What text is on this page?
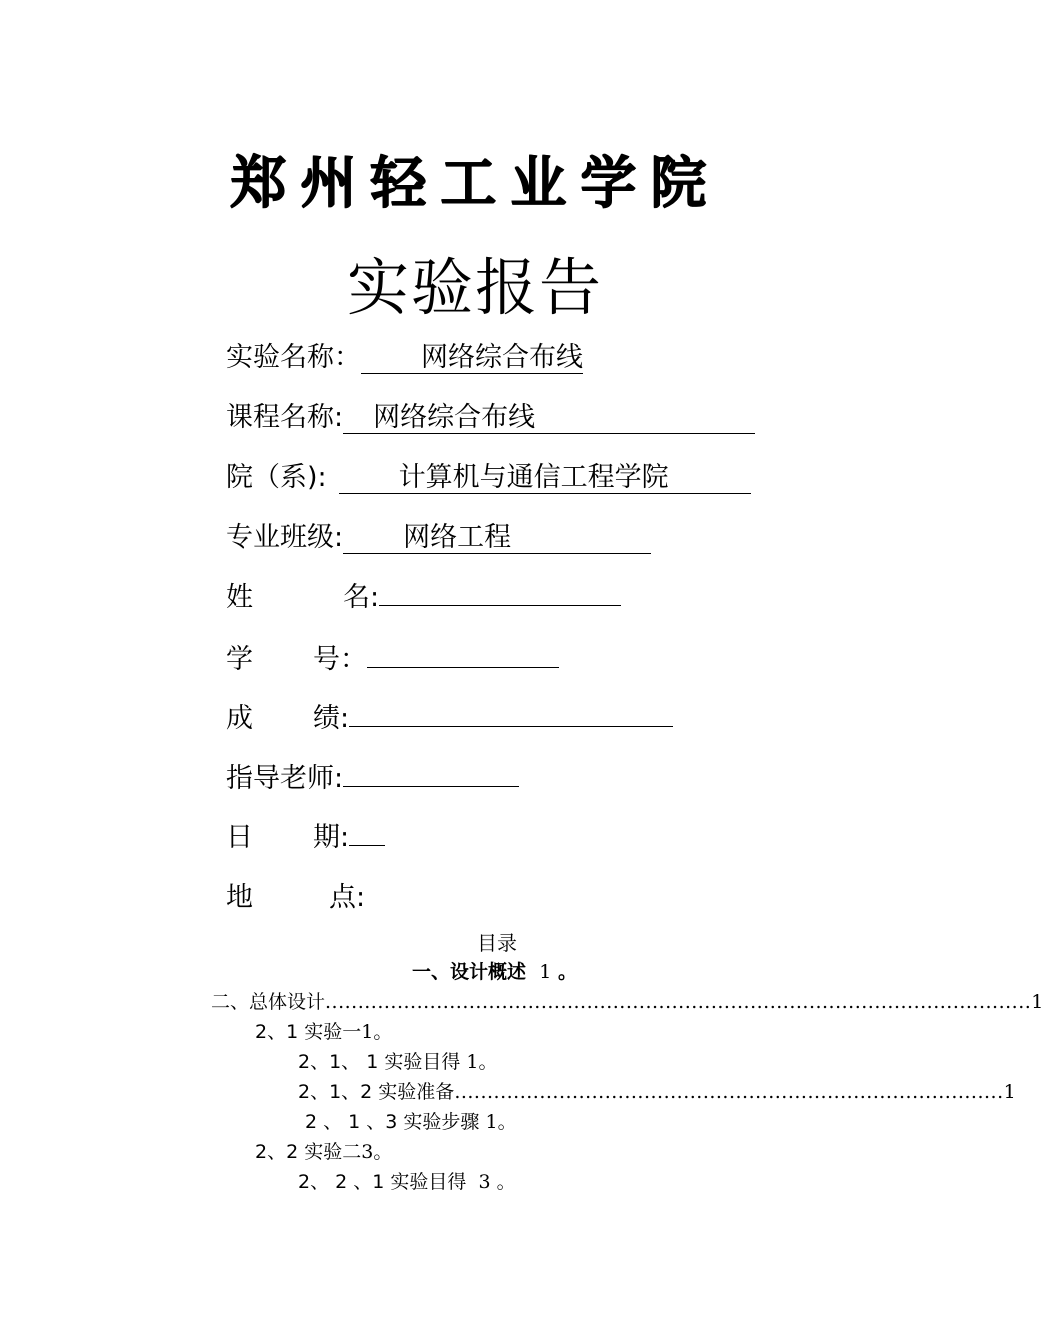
郑州轻工业学院
实验报告
实验名称： 网络综合布线
课程名称: 网络综合布线
院（系):	计算机与通信工程学院
专业班级: 网络工程
姓	名:
学 号：
成 绩:
指导老师:
日 期:
地	点:
目录
一、设计概述 1 。
二、总体设计 ............................................................................................................ 1
2、1 实验一1。
2、1、 1 实验目得 1。
2、1、2 实验准备 .................................................................................... 1
2 、 1 、3 实验步骤 1。
2、2 实验二3。
2、 2 、1 实验目得 3 。
